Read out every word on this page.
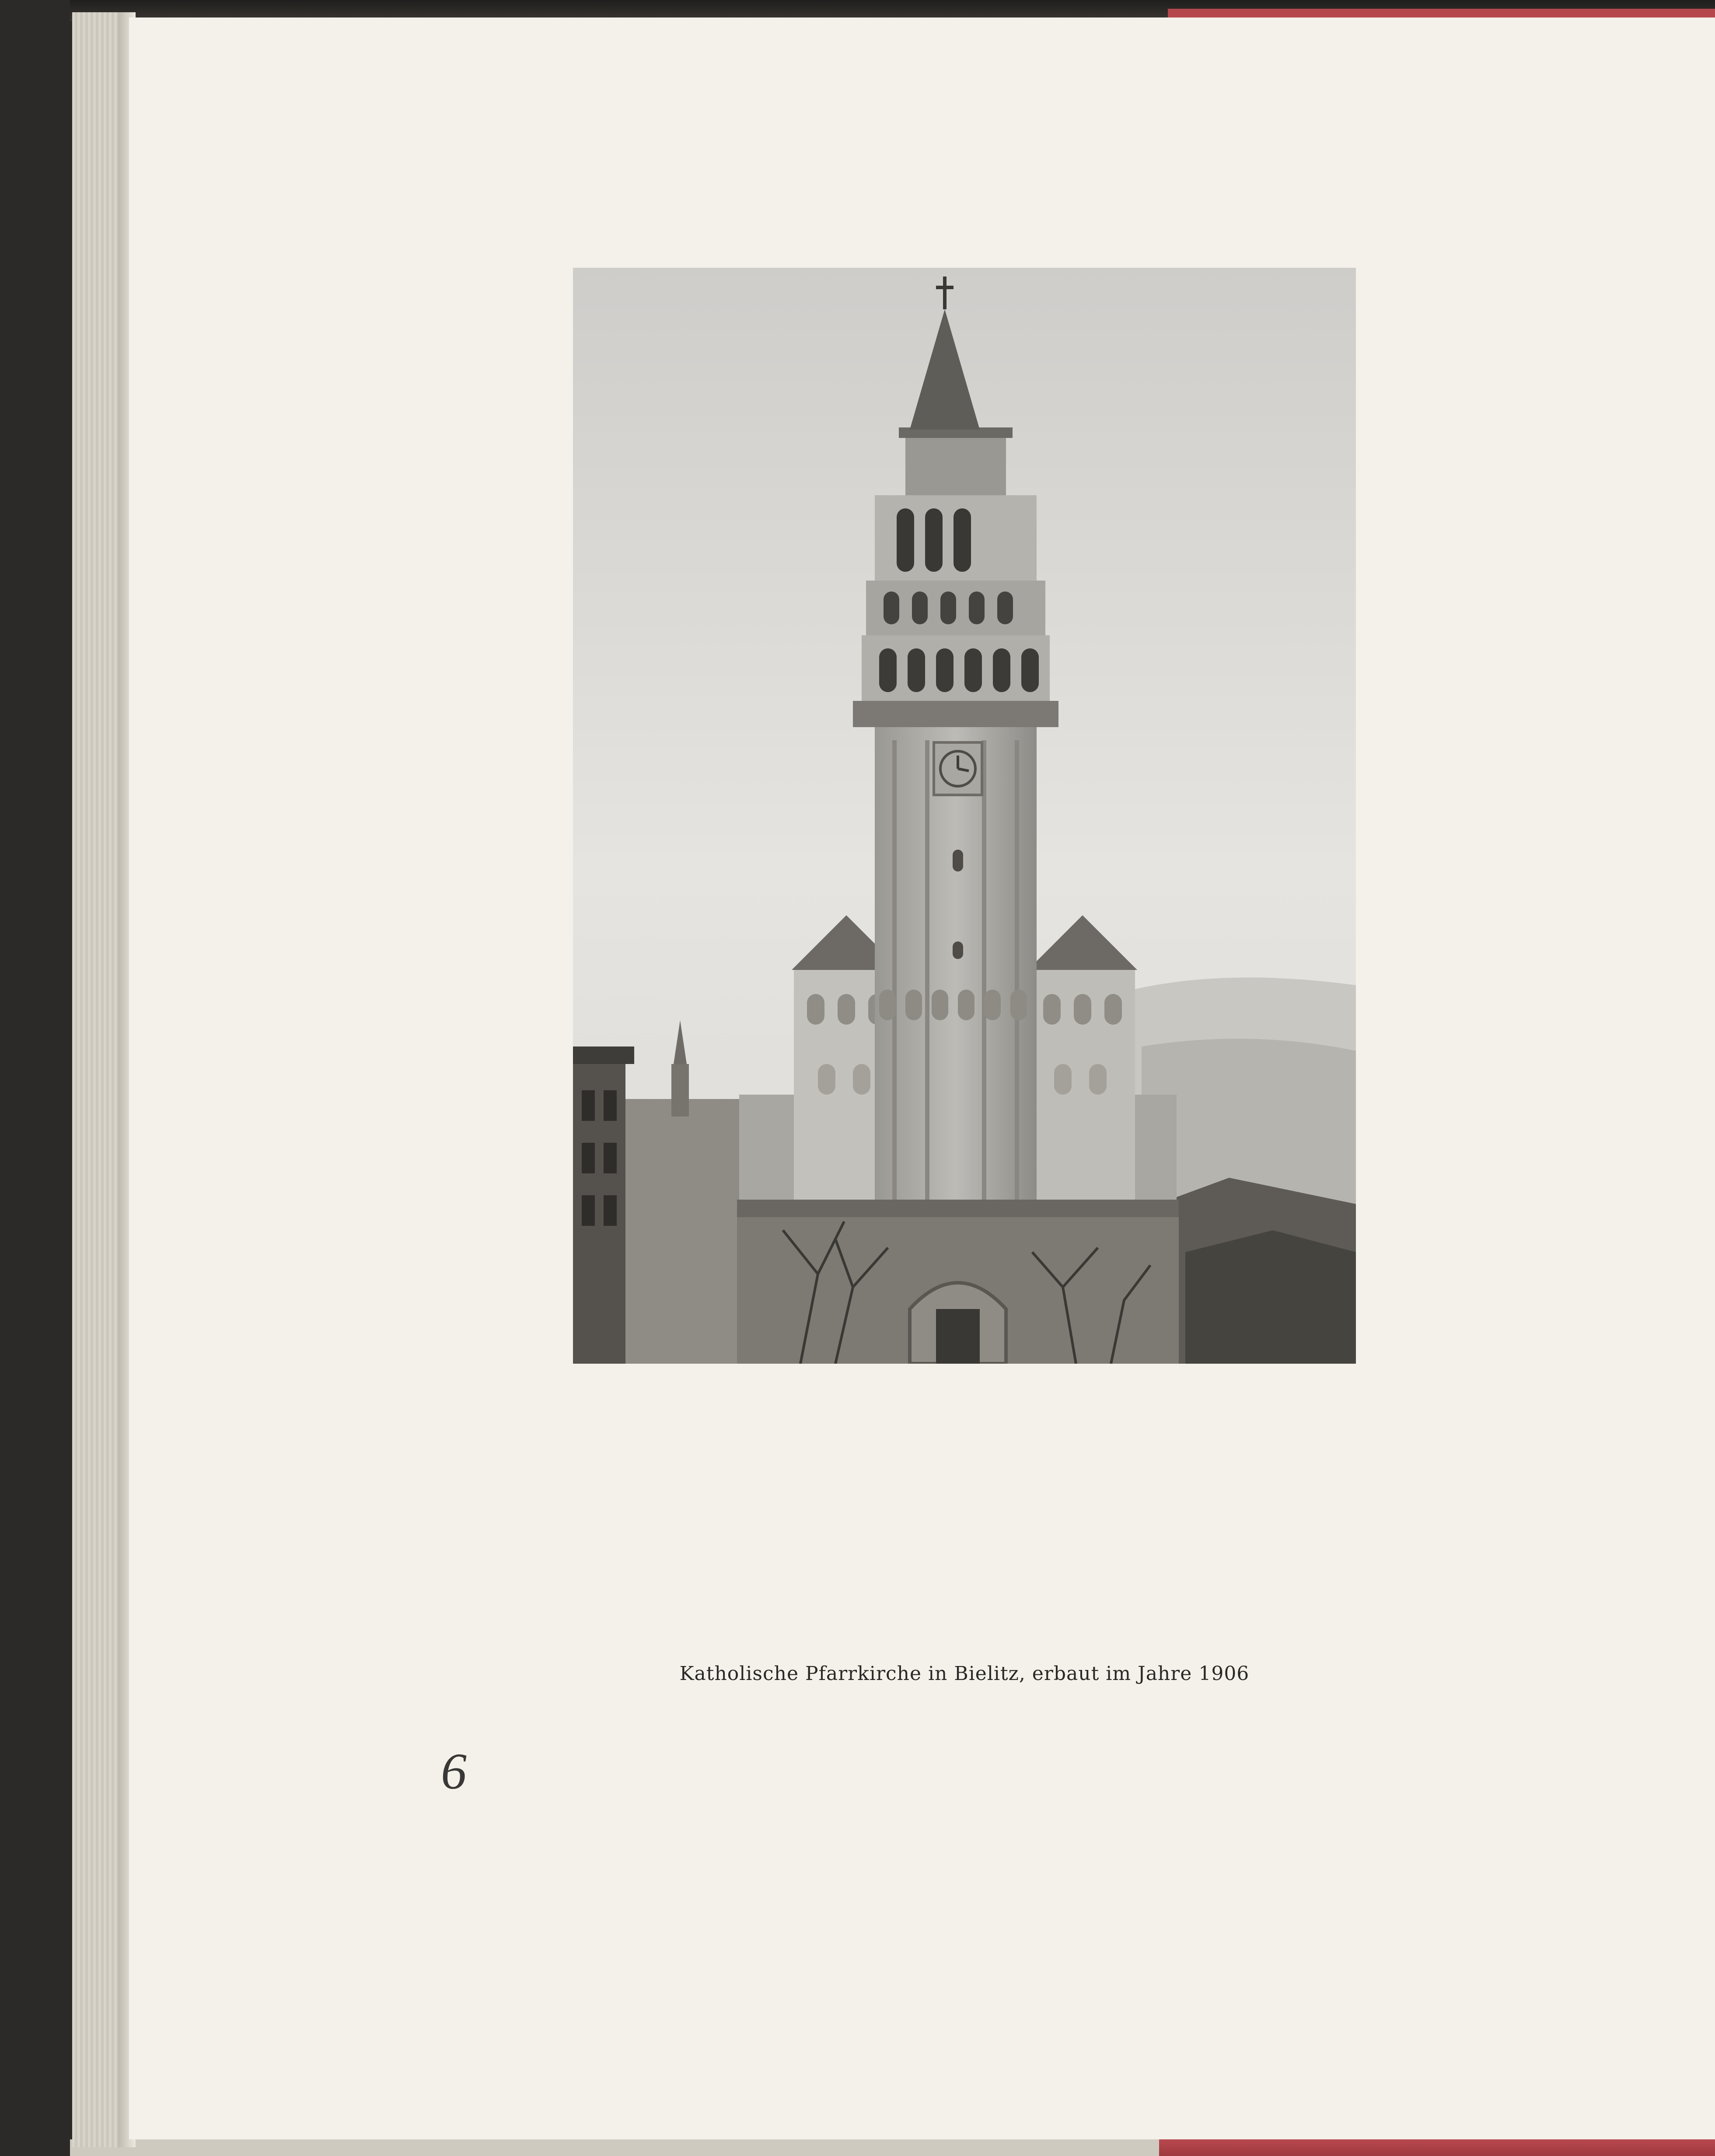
Katholische Pfarrkirche in Bielitz, erbaut im Jahre 1906
6
